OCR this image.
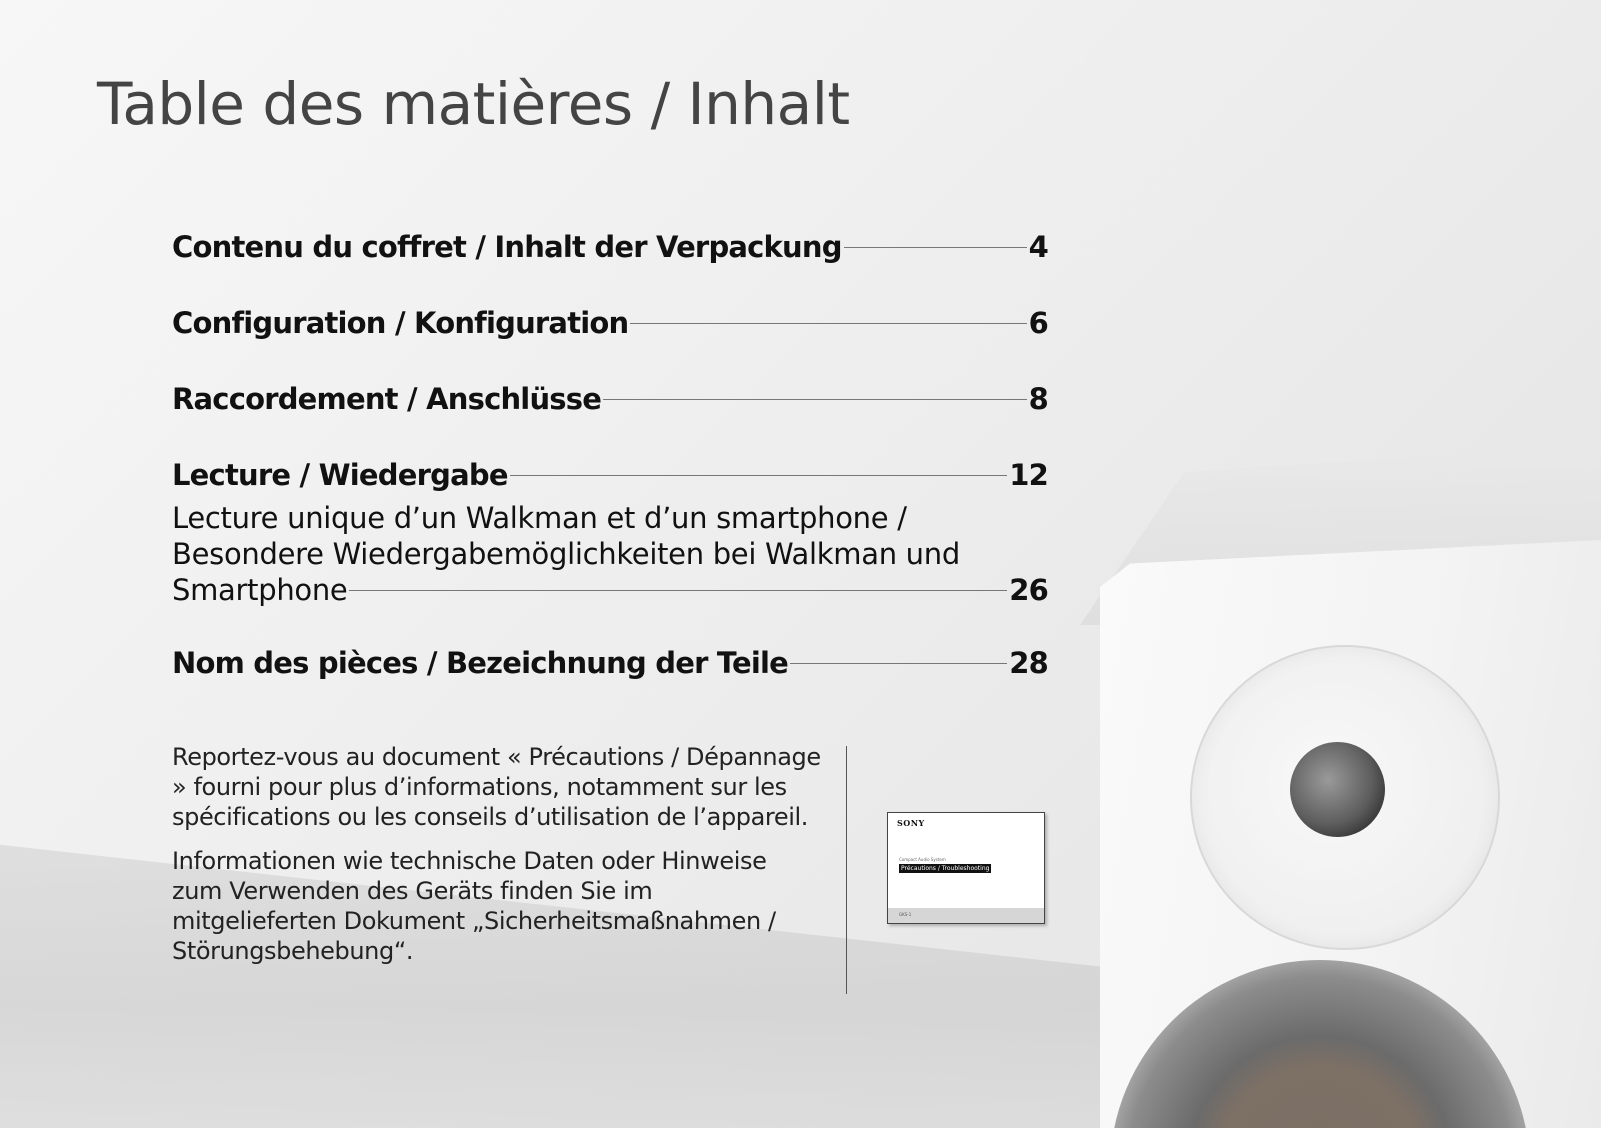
Table des matières / Inhalt
Contenu du coffret / Inhalt der Verpackung	4
Configuration / Konfiguration	6
Raccordement / Anschlüsse	8
Lecture / Wiedergabe	12
Lecture unique d’un Walkman et d’un smartphone /
Besondere Wiedergabemöglichkeiten bei Walkman und
Smartphone	26
Nom des pièces / Bezeichnung der Teile	28

Reportez-vous au document « Précautions / Dépannage » fourni pour plus d’informations, notamment sur les spécifications ou les conseils d’utilisation de l’appareil.

Informationen wie technische Daten oder Hinweise zum Verwenden des Geräts finden Sie im mitgelieferten Dokument „Sicherheitsmaßnahmen / Störungsbehebung“.

SONY
Compact Audio System
Précautions / Troubleshooting
GKS-1
